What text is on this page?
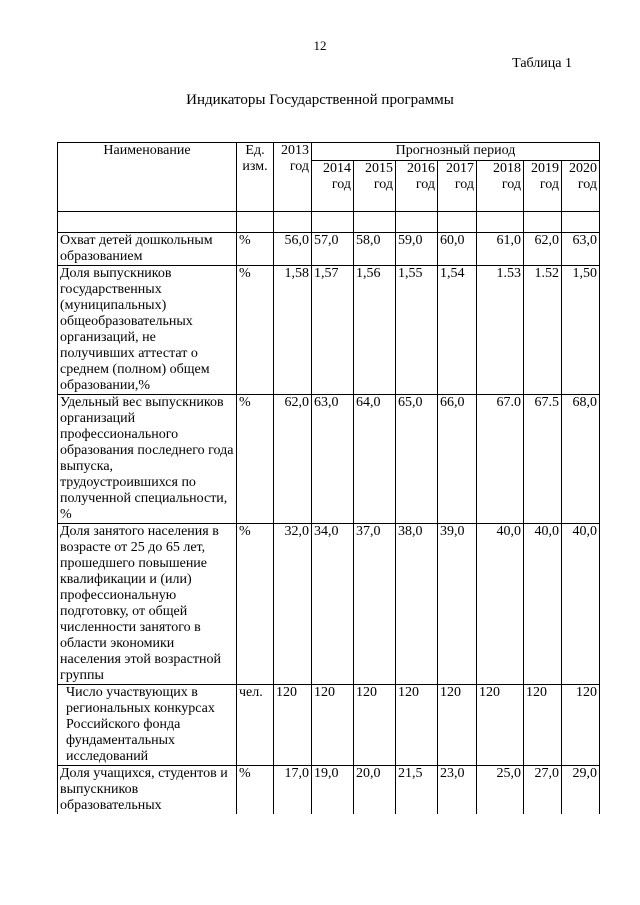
12
Таблица 1
Индикаторы Государственной программы
Наименование	Ед. изм.	2013 год	Прогнозный период						
			2014 год	2015 год	2016 год	2017 год	2018 год	2019 год	2020 год

Охват детей дошкольным образованием	%	56,0	57,0	58,0	59,0	60,0	61,0	62,0	63,0
Доля выпускников государственных (муниципальных) общеобразовательных организаций, не получивших аттестат о среднем (полном) общем образовании,%	%	1,58	1,57	1,56	1,55	1,54	1.53	1.52	1,50
Удельный вес выпускников организаций профессионального образования последнего года выпуска, трудоустроившихся по полученной специальности, %	%	62,0	63,0	64,0	65,0	66,0	67.0	67.5	68,0
Доля занятого населения в возрасте от 25 до 65 лет, прошедшего повышение квалификации и (или) профессиональную подготовку, от общей численности занятого в области экономики населения этой возрастной группы	%	32,0	34,0	37,0	38,0	39,0	40,0	40,0	40,0
Число участвующих в региональных конкурсах Российского фонда фундаментальных исследований	чел.	120	120	120	120	120	120	120	120
Доля учащихся, студентов и выпускников образовательных	%	17,0	19,0	20,0	21,5	23,0	25,0	27,0	29,0
